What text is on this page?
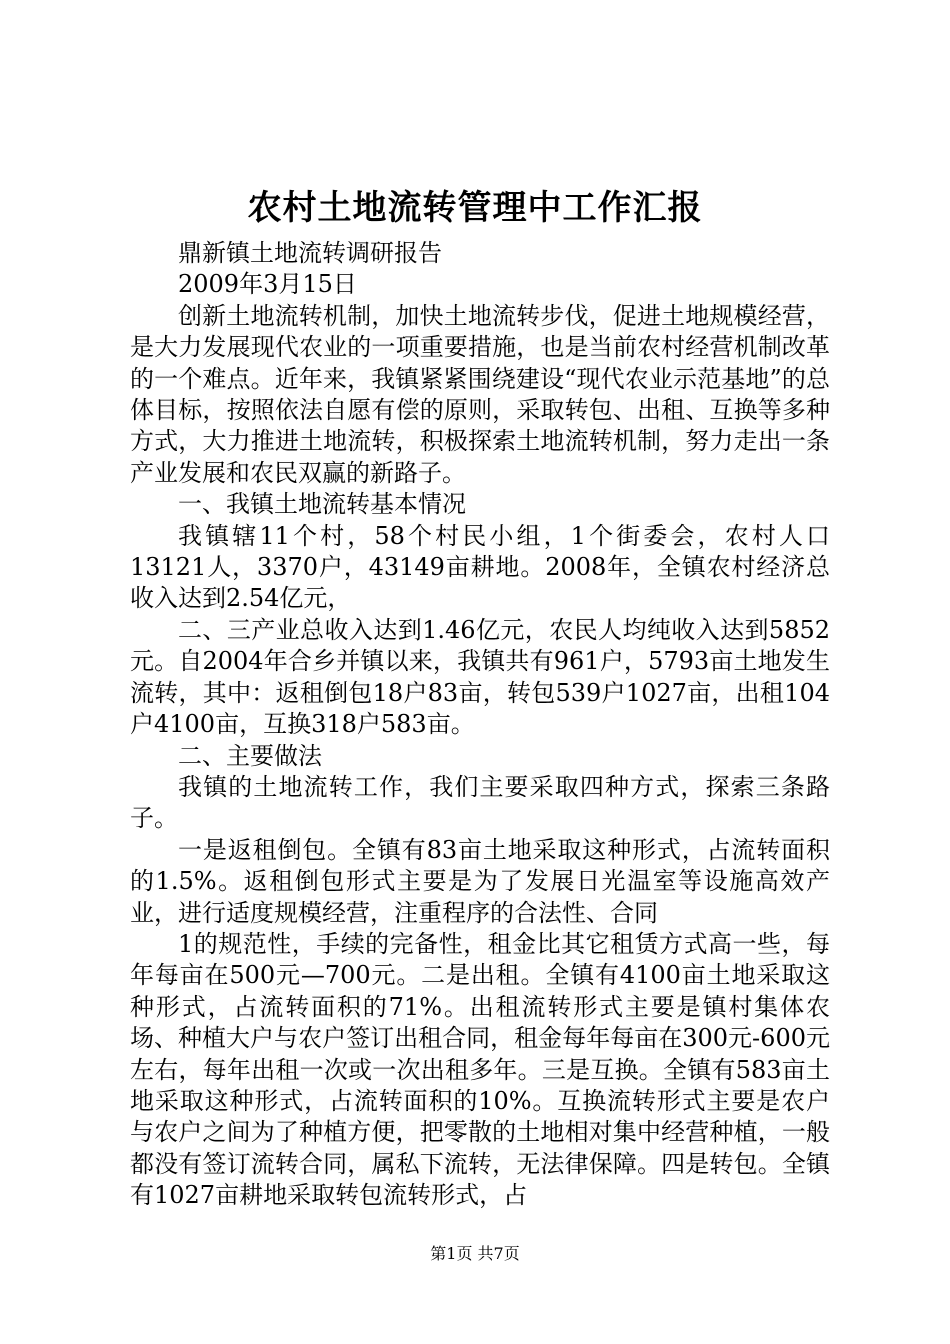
农村土地流转管理中工作汇报

鼎新镇土地流转调研报告

2009年3月15日

创新土地流转机制，加快土地流转步伐，促进土地规模经营，是大力发展现代农业的一项重要措施，也是当前农村经营机制改革的一个难点。近年来，我镇紧紧围绕建设“现代农业示范基地”的总体目标，按照依法自愿有偿的原则，采取转包、出租、互换等多种方式，大力推进土地流转，积极探索土地流转机制，努力走出一条产业发展和农民双赢的新路子。

一、我镇土地流转基本情况

我镇辖11个村，58个村民小组，1个街委会，农村人口13121人，3370户，43149亩耕地。2008年，全镇农村经济总收入达到2.54亿元，

二、三产业总收入达到1.46亿元，农民人均纯收入达到5852元。自2004年合乡并镇以来，我镇共有961户，5793亩土地发生流转，其中：返租倒包18户83亩，转包539户1027亩，出租104户4100亩，互换318户583亩。

二、主要做法

我镇的土地流转工作，我们主要采取四种方式，探索三条路子。

一是返租倒包。全镇有83亩土地采取这种形式，占流转面积的1.5%。返租倒包形式主要是为了发展日光温室等设施高效产业，进行适度规模经营，注重程序的合法性、合同

1的规范性，手续的完备性，租金比其它租赁方式高一些，每年每亩在500元—700元。二是出租。全镇有4100亩土地采取这种形式，占流转面积的71%。出租流转形式主要是镇村集体农场、种植大户与农户签订出租合同，租金每年每亩在300元-600元左右，每年出租一次或一次出租多年。三是互换。全镇有583亩土地采取这种形式，占流转面积的10%。互换流转形式主要是农户与农户之间为了种植方便，把零散的土地相对集中经营种植，一般都没有签订流转合同，属私下流转，无法律保障。四是转包。全镇有1027亩耕地采取转包流转形式，占

第1页 共7页
